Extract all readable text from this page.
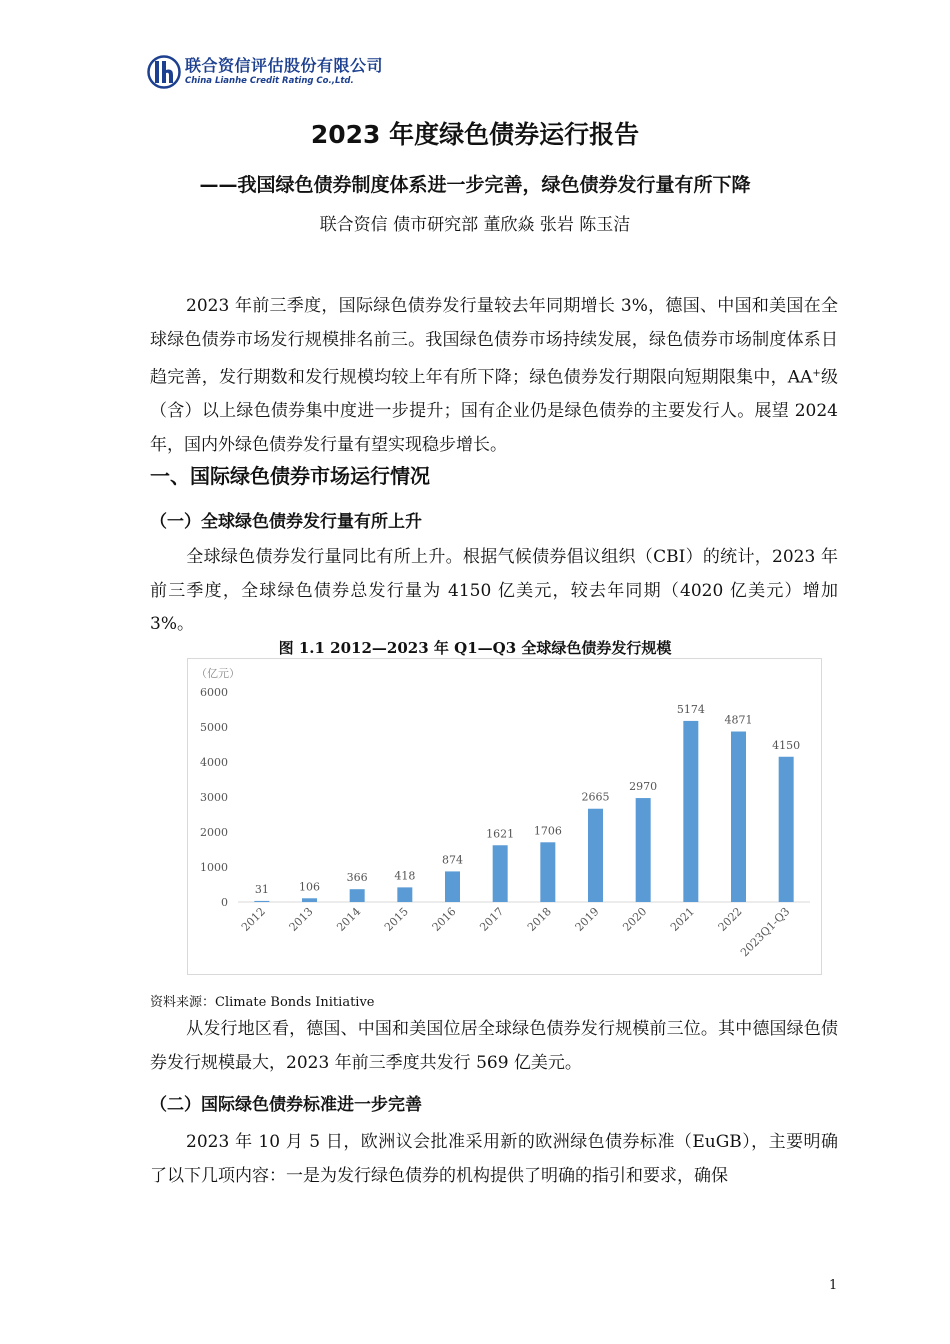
联合资信评估股份有限公司
China Lianhe Credit Rating Co.,Ltd.
2023 年度绿色债券运行报告
——我国绿色债券制度体系进一步完善，绿色债券发行量有所下降
联合资信 债市研究部 董欣焱 张岩 陈玉洁

2023 年前三季度，国际绿色债券发行量较去年同期增长 3%，德国、中国和美国在全球绿色债券市场发行规模排名前三。我国绿色债券市场持续发展，绿色债券市场制度体系日趋完善，发行期数和发行规模均较上年有所下降；绿色债券发行期限向短期限集中，AA+级（含）以上绿色债券集中度进一步提升；国有企业仍是绿色债券的主要发行人。展望 2024 年，国内外绿色债券发行量有望实现稳步增长。

一、国际绿色债券市场运行情况
（一）全球绿色债券发行量有所上升

全球绿色债券发行量同比有所上升。根据气候债券倡议组织（CBI）的统计，2023 年前三季度，全球绿色债券总发行量为 4150 亿美元，较去年同期（4020 亿美元）增加 3%。

图 1.1 2012—2023 年 Q1—Q3 全球绿色债券发行规模
（亿元）
0
1000
2000
3000
4000
5000
6000
31
2012
106
2013
366
2014
418
2015
874
2016
1621
2017
1706
2018
2665
2019
2970
2020
5174
2021
4871
2022
4150
2023Q1-Q3
资料来源：Climate Bonds Initiative

从发行地区看，德国、中国和美国位居全球绿色债券发行规模前三位。其中德国绿色债券发行规模最大，2023 年前三季度共发行 569 亿美元。

（二）国际绿色债券标准进一步完善

2023 年 10 月 5 日，欧洲议会批准采用新的欧洲绿色债券标准（EuGB），主要明确了以下几项内容：一是为发行绿色债券的机构提供了明确的指引和要求，确保

1
